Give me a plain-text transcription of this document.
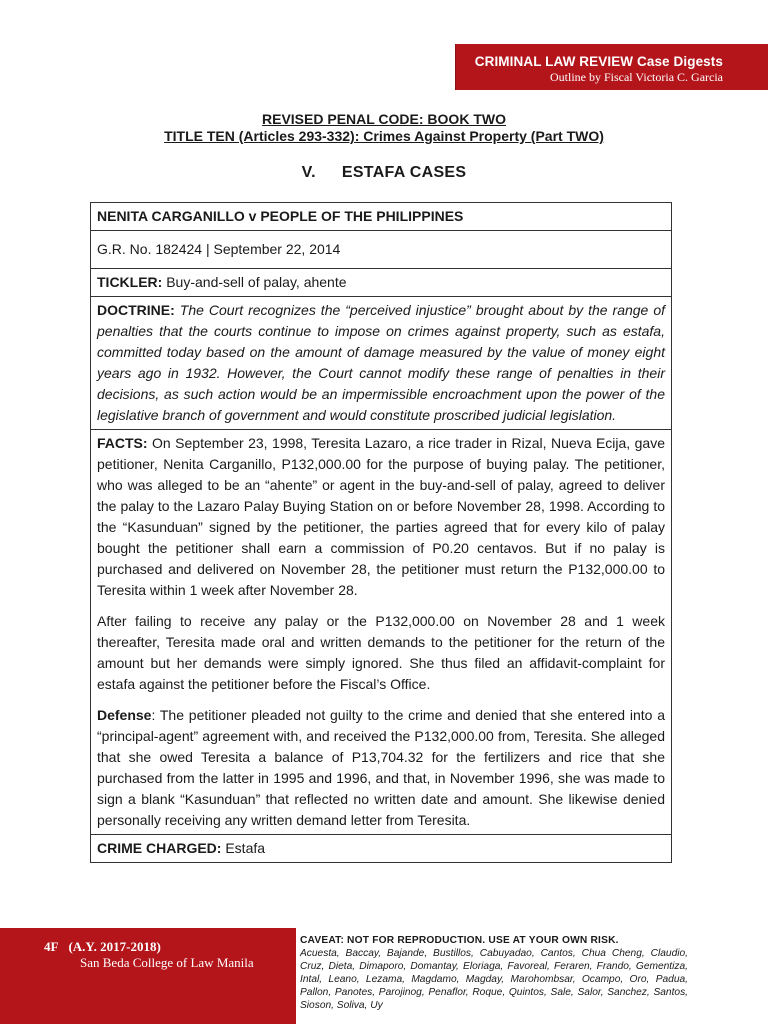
CRIMINAL LAW REVIEW Case Digests
Outline by Fiscal Victoria C. Garcia
REVISED PENAL CODE: BOOK TWO
TITLE TEN (Articles 293-332): Crimes Against Property (Part TWO)
V. ESTAFA CASES
NENITA CARGANILLO v PEOPLE OF THE PHILIPPINES
G.R. No. 182424 | September 22, 2014
TICKLER: Buy-and-sell of palay, ahente
DOCTRINE: The Court recognizes the “perceived injustice” brought about by the range of penalties that the courts continue to impose on crimes against property, such as estafa, committed today based on the amount of damage measured by the value of money eight years ago in 1932. However, the Court cannot modify these range of penalties in their decisions, as such action would be an impermissible encroachment upon the power of the legislative branch of government and would constitute proscribed judicial legislation.

FACTS: On September 23, 1998, Teresita Lazaro, a rice trader in Rizal, Nueva Ecija, gave petitioner, Nenita Carganillo, P132,000.00 for the purpose of buying palay. The petitioner, who was alleged to be an “ahente” or agent in the buy-and-sell of palay, agreed to deliver the palay to the Lazaro Palay Buying Station on or before November 28, 1998. According to the “Kasunduan” signed by the petitioner, the parties agreed that for every kilo of palay bought the petitioner shall earn a commission of P0.20 centavos. But if no palay is purchased and delivered on November 28, the petitioner must return the P132,000.00 to Teresita within 1 week after November 28.

After failing to receive any palay or the P132,000.00 on November 28 and 1 week thereafter, Teresita made oral and written demands to the petitioner for the return of the amount but her demands were simply ignored. She thus filed an affidavit-complaint for estafa against the petitioner before the Fiscal’s Office.

Defense: The petitioner pleaded not guilty to the crime and denied that she entered into a “principal-agent” agreement with, and received the P132,000.00 from, Teresita. She alleged that she owed Teresita a balance of P13,704.32 for the fertilizers and rice that she purchased from the latter in 1995 and 1996, and that, in November 1996, she was made to sign a blank “Kasunduan” that reflected no written date and amount. She likewise denied personally receiving any written demand letter from Teresita.

CRIME CHARGED: Estafa
4F (A.Y. 2017-2018)
San Beda College of Law Manila
CAVEAT: NOT FOR REPRODUCTION. USE AT YOUR OWN RISK.
Acuesta, Baccay, Bajande, Bustillos, Cabuyadao, Cantos, Chua Cheng, Claudio, Cruz, Dieta, Dimaporo, Domantay, Eloriaga, Favoreal, Feraren, Frando, Gementiza, Intal, Leano, Lezama, Magdamo, Magday, Marohombsar, Ocampo, Oro, Padua, Pallon, Panotes, Parojinog, Penaflor, Roque, Quintos, Sale, Salor, Sanchez, Santos, Sioson, Soliva, Uy
